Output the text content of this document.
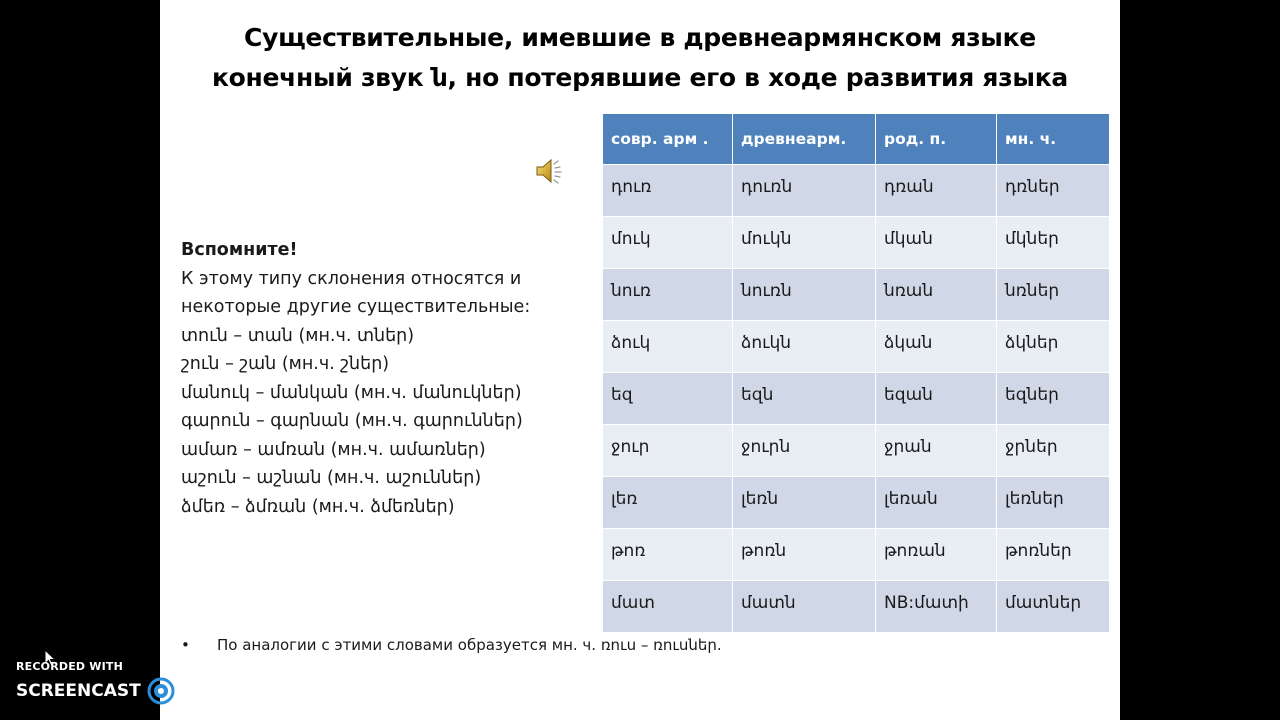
Существительные, имевшие в древнеармянском языке
конечный звук ն, но потерявшие его в ходе развития языка
Вспомните!
К этому типу склонения относятся и
некоторые другие существительные:
տուն – տան (мн.ч. տներ)
շուն – շան (мн.ч. շներ)
մանուկ – մանկան (мн.ч. մանուկներ)
գարուն – գարնան (мн.ч. գարուններ)
ամառ – ամռան (мн.ч. ամառներ)
աշուն – աշնան (мн.ч. աշուններ)
ձմեռ – ձմռան (мн.ч. ձմեռներ)
совр. арм .	древнеарм.	род. п.	мн. ч.
դուռ	դուռն	դռան	դռներ
մուկ	մուկն	մկան	մկներ
նուռ	նուռն	նռան	նռներ
ձուկ	ձուկն	ձկան	ձկներ
եզ	եզն	եզան	եզներ
ջուր	ջուրն	ջրան	ջրներ
լեռ	լեռն	լեռան	լեռներ
թոռ	թոռն	թոռան	թոռներ
մատ	մատն	NB:մատի	մատներ
• По аналогии с этими словами образуется мн. ч. ռուս – ռուսներ.
RECORDED WITH
SCREENCAST MATIC
